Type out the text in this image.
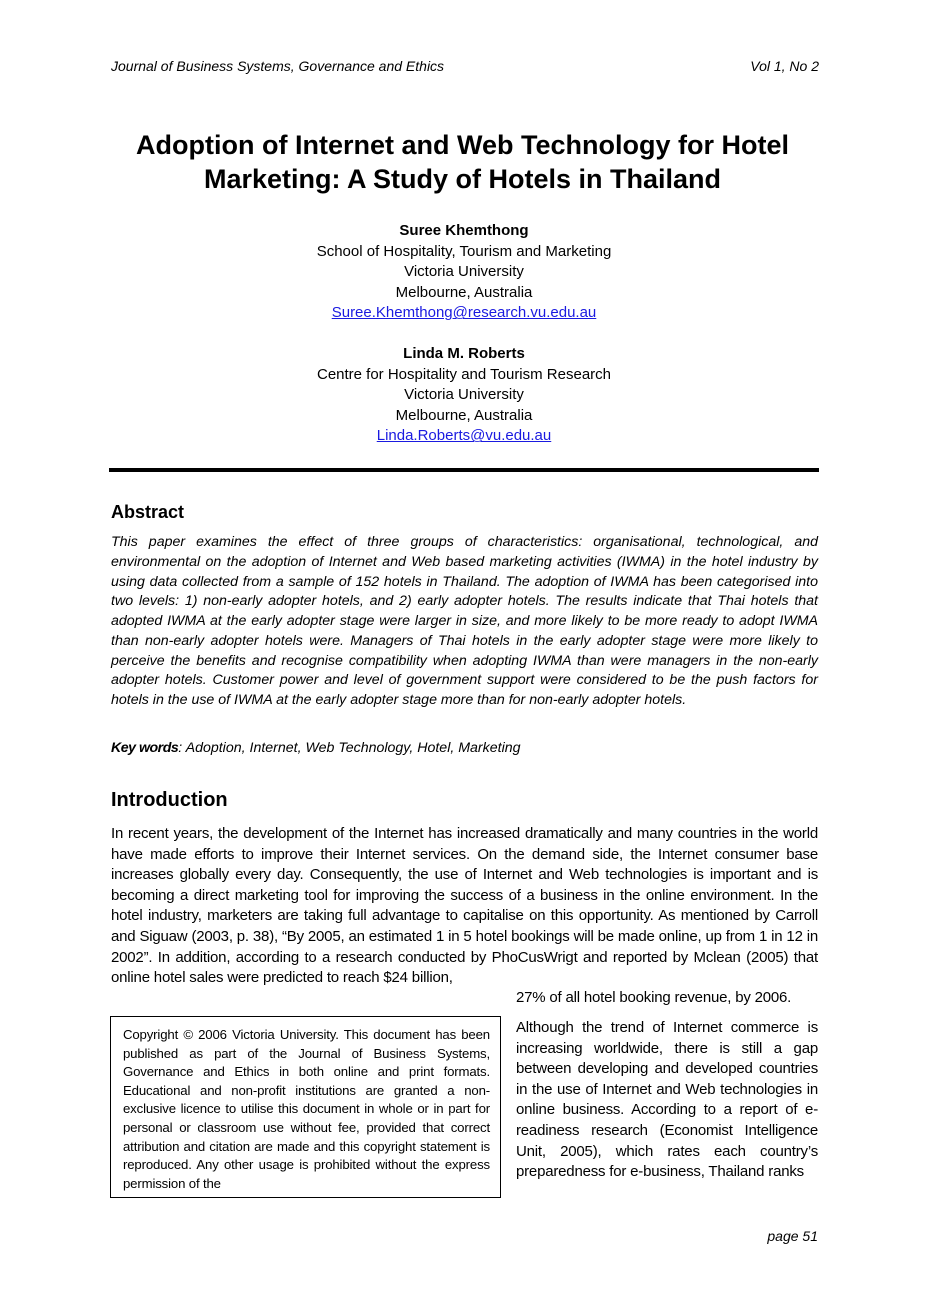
Journal of Business Systems, Governance and Ethics	Vol 1, No 2
Adoption of Internet and Web Technology for Hotel
Marketing: A Study of Hotels in Thailand
Suree Khemthong
School of Hospitality, Tourism and Marketing
Victoria University
Melbourne, Australia
Suree.Khemthong@research.vu.edu.au
Linda M. Roberts
Centre for Hospitality and Tourism Research
Victoria University
Melbourne, Australia
Linda.Roberts@vu.edu.au
Abstract

This paper examines the effect of three groups of characteristics: organisational, technological, and environmental on the adoption of Internet and Web based marketing activities (IWMA) in the hotel industry by using data collected from a sample of 152 hotels in Thailand. The adoption of IWMA has been categorised into two levels: 1) non-early adopter hotels, and 2) early adopter hotels. The results indicate that Thai hotels that adopted IWMA at the early adopter stage were larger in size, and more likely to be more ready to adopt IWMA than non-early adopter hotels were. Managers of Thai hotels in the early adopter stage were more likely to perceive the benefits and recognise compatibility when adopting IWMA than were managers in the non-early adopter hotels. Customer power and level of government support were considered to be the push factors for hotels in the use of IWMA at the early adopter stage more than for non-early adopter hotels.

Key words: Adoption, Internet, Web Technology, Hotel, Marketing

Introduction

In recent years, the development of the Internet has increased dramatically and many countries in the world have made efforts to improve their Internet services. On the demand side, the Internet consumer base increases globally every day. Consequently, the use of Internet and Web technologies is important and is becoming a direct marketing tool for improving the success of a business in the online environment. In the hotel industry, marketers are taking full advantage to capitalise on this opportunity. As mentioned by Carroll and Siguaw (2003, p. 38), “By 2005, an estimated 1 in 5 hotel bookings will be made online, up from 1 in 12 in 2002”. In addition, according to a research conducted by PhoCusWrigt and reported by Mclean (2005) that online hotel sales were predicted to reach $24 billion,

27% of all hotel booking revenue, by 2006.

Copyright © 2006 Victoria University. This document has been published as part of the Journal of Business Systems, Governance and Ethics in both online and print formats. Educational and non-profit institutions are granted a non-exclusive licence to utilise this document in whole or in part for personal or classroom use without fee, provided that correct attribution and citation are made and this copyright statement is reproduced. Any other usage is prohibited without the express permission of the

Although the trend of Internet commerce is increasing worldwide, there is still a gap between developing and developed countries in the use of Internet and Web technologies in online business. According to a report of e-readiness research (Economist Intelligence Unit, 2005), which rates each country’s preparedness for e-business, Thailand ranks

page 51
